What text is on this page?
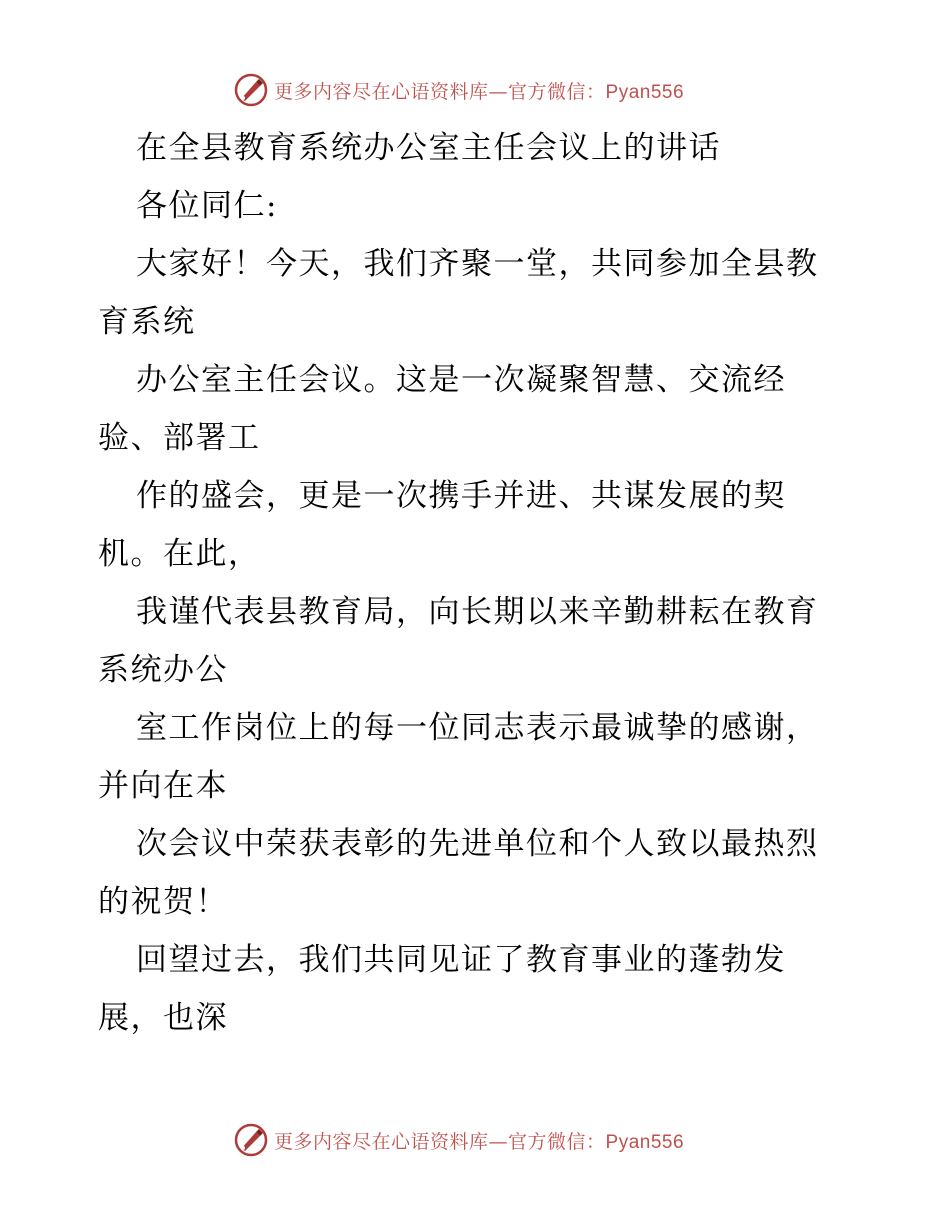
更多内容尽在心语资料库—官方微信：Pyan556
在全县教育系统办公室主任会议上的讲话
各位同仁:
大家好！今天，我们齐聚一堂，共同参加全县教
育系统
办公室主任会议。这是一次凝聚智慧、交流经
验、部署工
作的盛会，更是一次携手并进、共谋发展的契
机。在此，
我谨代表县教育局，向长期以来辛勤耕耘在教育
系统办公
室工作岗位上的每一位同志表示最诚挚的感谢，
并向在本
次会议中荣获表彰的先进单位和个人致以最热烈
的祝贺！
回望过去，我们共同见证了教育事业的蓬勃发
展，也深
更多内容尽在心语资料库—官方微信：Pyan556
